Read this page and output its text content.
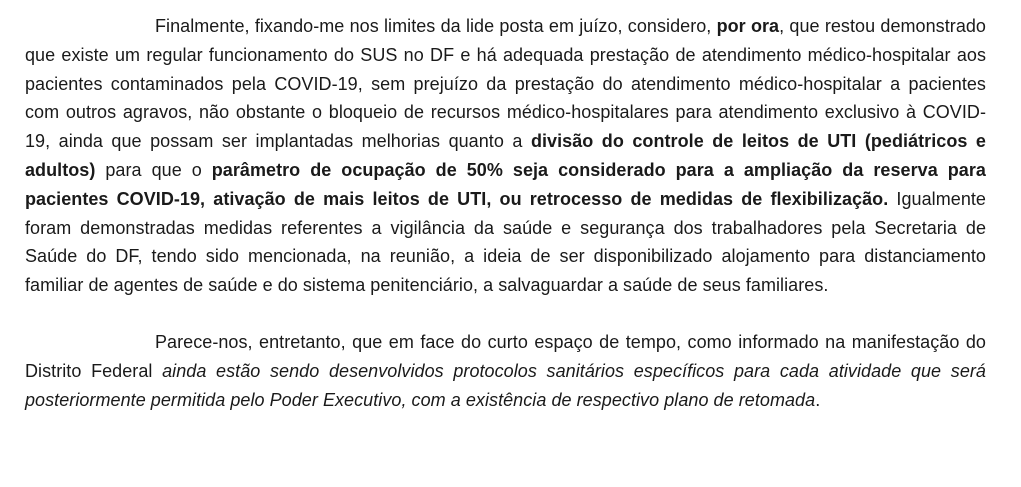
Finalmente, fixando-me nos limites da lide posta em juízo, considero, por ora, que restou demonstrado que existe um regular funcionamento do SUS no DF e há adequada prestação de atendimento médico-hospitalar aos pacientes contaminados pela COVID-19, sem prejuízo da prestação do atendimento médico-hospitalar a pacientes com outros agravos, não obstante o bloqueio de recursos médico-hospitalares para atendimento exclusivo à COVID-19, ainda que possam ser implantadas melhorias quanto a divisão do controle de leitos de UTI (pediátricos e adultos) para que o parâmetro de ocupação de 50% seja considerado para a ampliação da reserva para pacientes COVID-19, ativação de mais leitos de UTI, ou retrocesso de medidas de flexibilização. Igualmente foram demonstradas medidas referentes a vigilância da saúde e segurança dos trabalhadores pela Secretaria de Saúde do DF, tendo sido mencionada, na reunião, a ideia de ser disponibilizado alojamento para distanciamento familiar de agentes de saúde e do sistema penitenciário, a salvaguardar a saúde de seus familiares.

Parece-nos, entretanto, que em face do curto espaço de tempo, como informado na manifestação do Distrito Federal ainda estão sendo desenvolvidos protocolos sanitários específicos para cada atividade que será posteriormente permitida pelo Poder Executivo, com a existência de respectivo plano de retomada.
